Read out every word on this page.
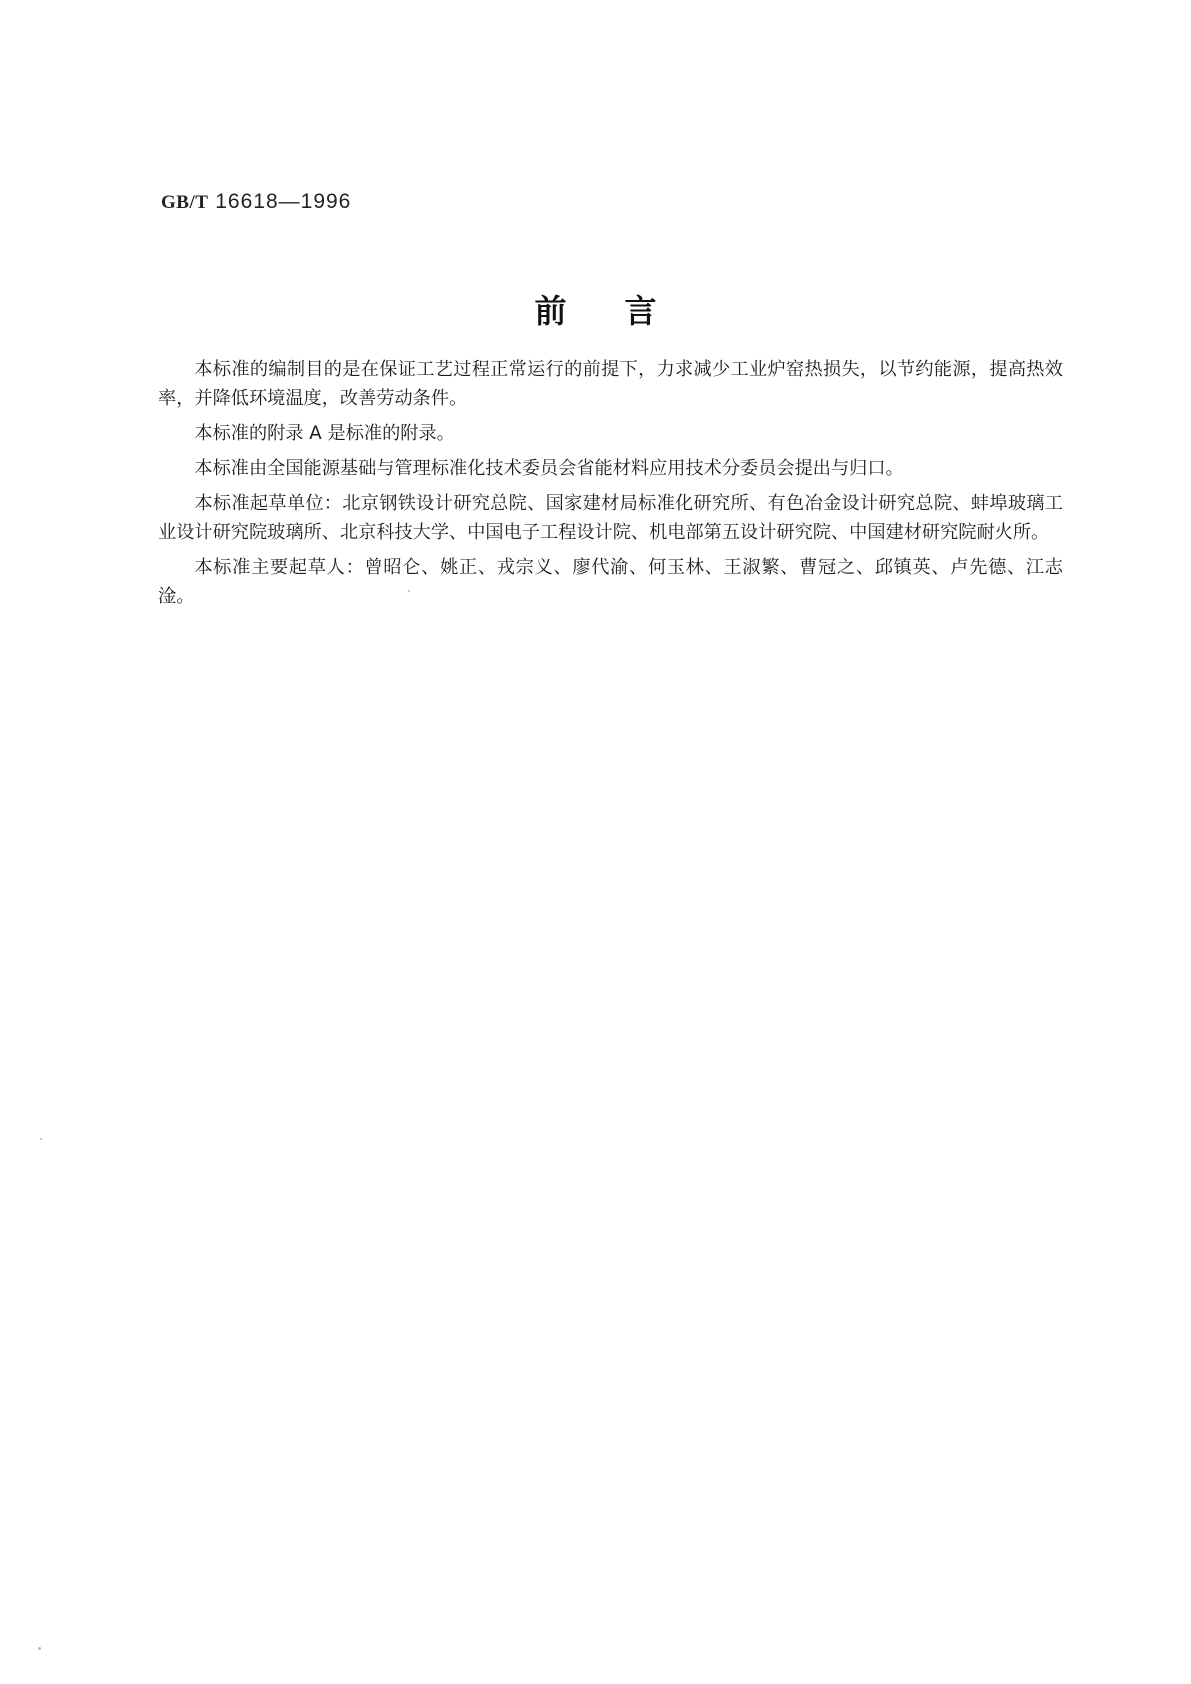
GB/T 16618—1996
前言

本标准的编制目的是在保证工艺过程正常运行的前提下，力求减少工业炉窑热损失，以节约能源，提高热效率，并降低环境温度，改善劳动条件。

本标准的附录 A 是标准的附录。

本标准由全国能源基础与管理标准化技术委员会省能材料应用技术分委员会提出与归口。

本标准起草单位：北京钢铁设计研究总院、国家建材局标准化研究所、有色冶金设计研究总院、蚌埠玻璃工业设计研究院玻璃所、北京科技大学、中国电子工程设计院、机电部第五设计研究院、中国建材研究院耐火所。

本标准主要起草人：曾昭仑、姚正、戎宗义、廖代渝、何玉林、王淑繁、曹冠之、邱镇英、卢先德、江志淦。
